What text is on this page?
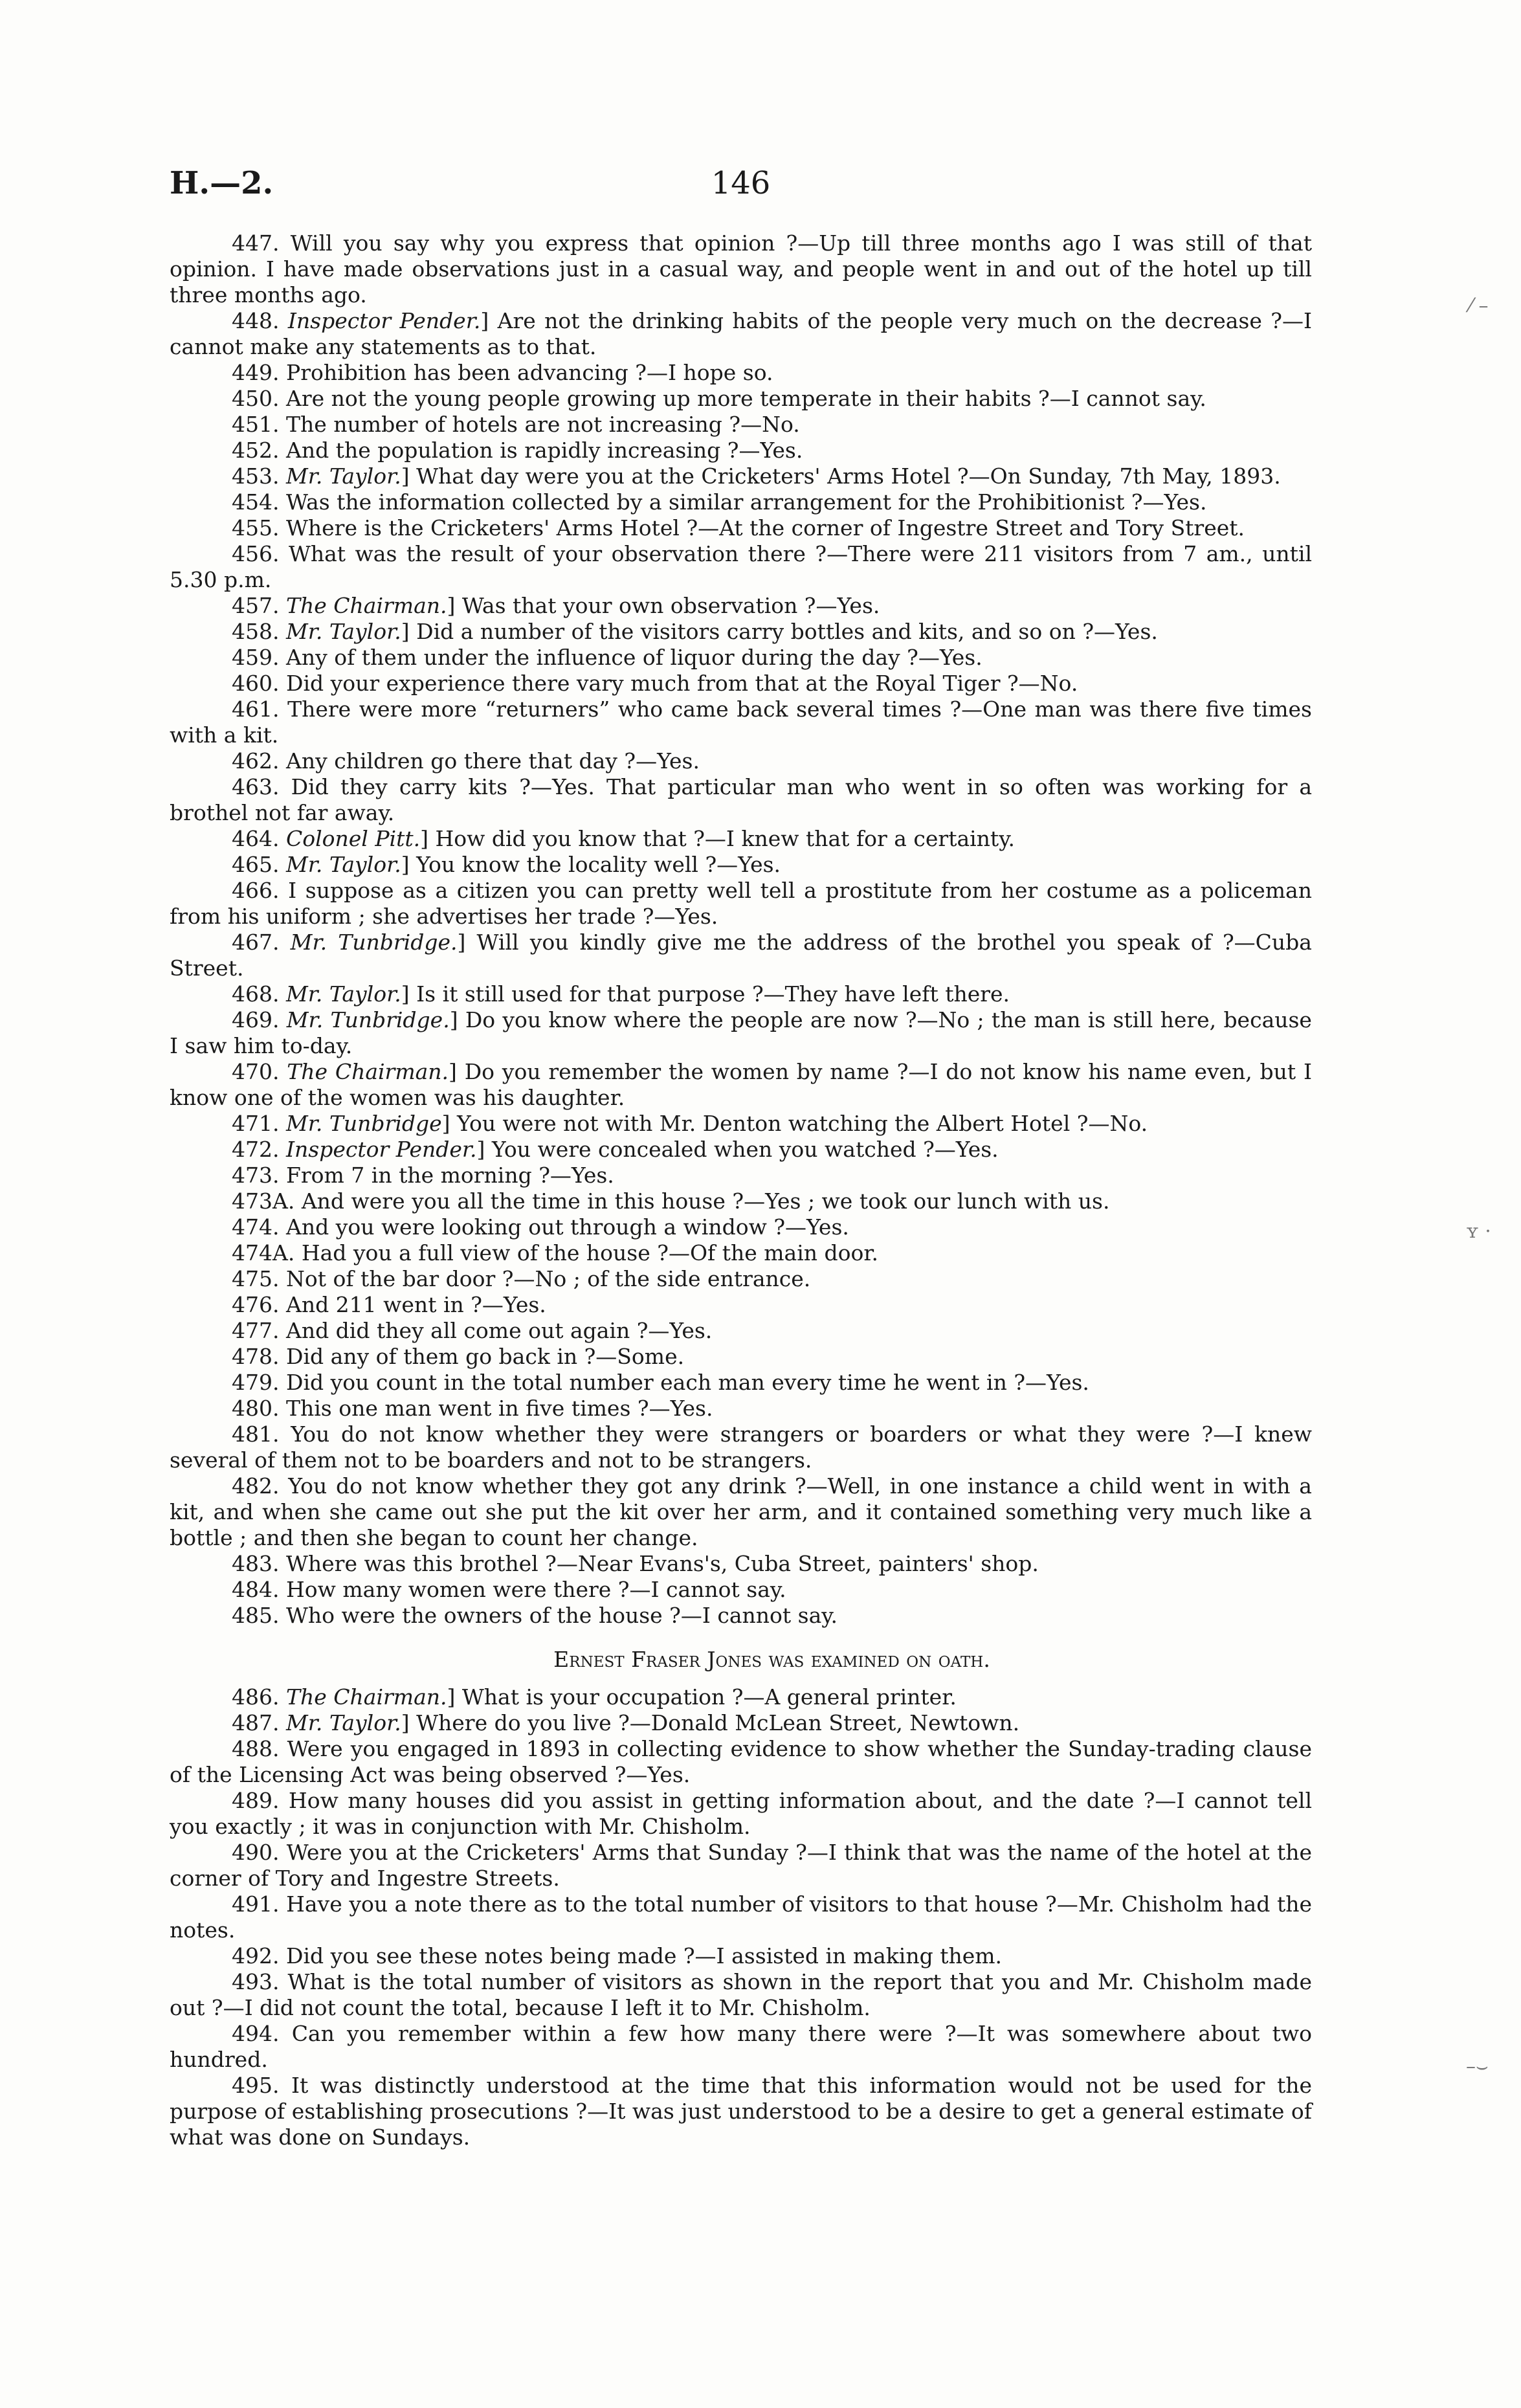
H.—2.	146

447. Will you say why you express that opinion ?—Up till three months ago I was still of that opinion. I have made observations just in a casual way, and people went in and out of the hotel up till three months ago.

448. Inspector Pender.] Are not the drinking habits of the people very much on the decrease ?—I cannot make any statements as to that.

449. Prohibition has been advancing ?—I hope so.

450. Are not the young people growing up more temperate in their habits ?—I cannot say.

451. The number of hotels are not increasing ?—No.

452. And the population is rapidly increasing ?—Yes.

453. Mr. Taylor.] What day were you at the Cricketers' Arms Hotel ?—On Sunday, 7th May, 1893.

454. Was the information collected by a similar arrangement for the Prohibitionist ?—Yes.

455. Where is the Cricketers' Arms Hotel ?—At the corner of Ingestre Street and Tory Street.

456. What was the result of your observation there ?—There were 211 visitors from 7 am., until 5.30 p.m.

457. The Chairman.] Was that your own observation ?—Yes.

458. Mr. Taylor.] Did a number of the visitors carry bottles and kits, and so on ?—Yes.

459. Any of them under the influence of liquor during the day ?—Yes.

460. Did your experience there vary much from that at the Royal Tiger ?—No.

461. There were more “returners” who came back several times ?—One man was there five times with a kit.

462. Any children go there that day ?—Yes.

463. Did they carry kits ?—Yes. That particular man who went in so often was working for a brothel not far away.

464. Colonel Pitt.] How did you know that ?—I knew that for a certainty.

465. Mr. Taylor.] You know the locality well ?—Yes.

466. I suppose as a citizen you can pretty well tell a prostitute from her costume as a policeman from his uniform ; she advertises her trade ?—Yes.

467. Mr. Tunbridge.] Will you kindly give me the address of the brothel you speak of ?—Cuba Street.

468. Mr. Taylor.] Is it still used for that purpose ?—They have left there.

469. Mr. Tunbridge.] Do you know where the people are now ?—No ; the man is still here, because I saw him to-day.

470. The Chairman.] Do you remember the women by name ?—I do not know his name even, but I know one of the women was his daughter.

471. Mr. Tunbridge] You were not with Mr. Denton watching the Albert Hotel ?—No.

472. Inspector Pender.] You were concealed when you watched ?—Yes.

473. From 7 in the morning ?—Yes.

473A. And were you all the time in this house ?—Yes ; we took our lunch with us.

474. And you were looking out through a window ?—Yes.

474A. Had you a full view of the house ?—Of the main door.

475. Not of the bar door ?—No ; of the side entrance.

476. And 211 went in ?—Yes.

477. And did they all come out again ?—Yes.

478. Did any of them go back in ?—Some.

479. Did you count in the total number each man every time he went in ?—Yes.

480. This one man went in five times ?—Yes.

481. You do not know whether they were strangers or boarders or what they were ?—I knew several of them not to be boarders and not to be strangers.

482. You do not know whether they got any drink ?—Well, in one instance a child went in with a kit, and when she came out she put the kit over her arm, and it contained something very much like a bottle ; and then she began to count her change.

483. Where was this brothel ?—Near Evans's, Cuba Street, painters' shop.

484. How many women were there ?—I cannot say.

485. Who were the owners of the house ?—I cannot say.

Ernest Fraser Jones was examined on oath.

486. The Chairman.] What is your occupation ?—A general printer.

487. Mr. Taylor.] Where do you live ?—Donald McLean Street, Newtown.

488. Were you engaged in 1893 in collecting evidence to show whether the Sunday-trading clause of the Licensing Act was being observed ?—Yes.

489. How many houses did you assist in getting information about, and the date ?—I cannot tell you exactly ; it was in conjunction with Mr. Chisholm.

490. Were you at the Cricketers' Arms that Sunday ?—I think that was the name of the hotel at the corner of Tory and Ingestre Streets.

491. Have you a note there as to the total number of visitors to that house ?—Mr. Chisholm had the notes.

492. Did you see these notes being made ?—I assisted in making them.

493. What is the total number of visitors as shown in the report that you and Mr. Chisholm made out ?—I did not count the total, because I left it to Mr. Chisholm.

494. Can you remember within a few how many there were ?—It was somewhere about two hundred.

495. It was distinctly understood at the time that this information would not be used for the purpose of establishing prosecutions ?—It was just understood to be a desire to get a general estimate of what was done on Sundays.

⁄ –
ʏ ·
–⌣
